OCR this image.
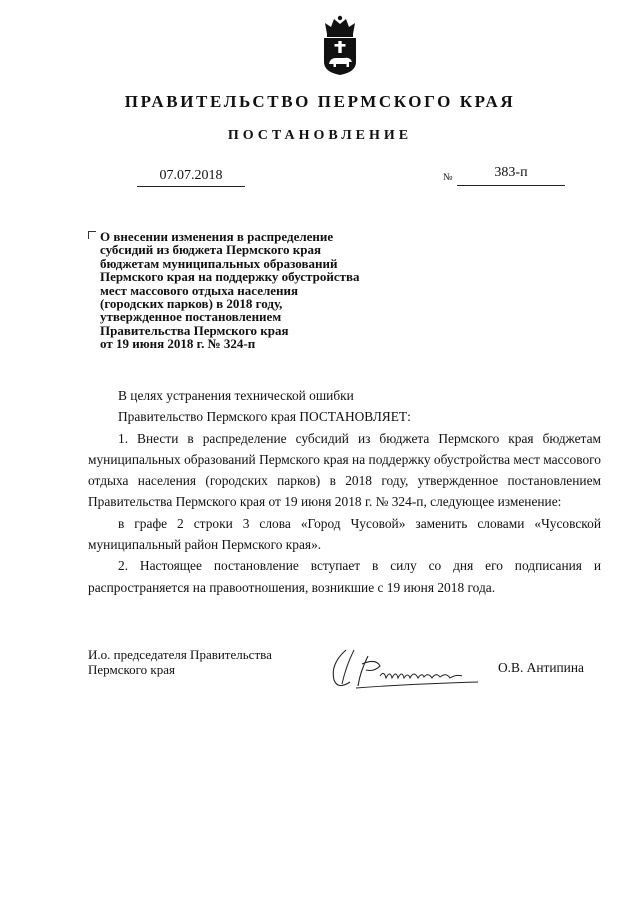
ПРАВИТЕЛЬСТВО ПЕРМСКОГО КРАЯ
ПОСТАНОВЛЕНИЕ
07.07.2018	№	383-п
О внесении изменения в распределение
субсидий из бюджета Пермского края
бюджетам муниципальных образований
Пермского края на поддержку обустройства
мест массового отдыха населения
(городских парков) в 2018 году,
утвержденное постановлением
Правительства Пермского края
от 19 июня 2018 г. № 324-п

В целях устранения технической ошибки

Правительство Пермского края ПОСТАНОВЛЯЕТ:

1. Внести в распределение субсидий из бюджета Пермского края бюджетам муниципальных образований Пермского края на поддержку обустройства мест массового отдыха населения (городских парков) в 2018 году, утвержденное постановлением Правительства Пермского края от 19 июня 2018 г. № 324-п, следующее изменение:

в графе 2 строки 3 слова «Город Чусовой» заменить словами «Чусовской муниципальный район Пермского края».

2. Настоящее постановление вступает в силу со дня его подписания и распространяется на правоотношения, возникшие с 19 июня 2018 года.

И.о. председателя Правительства
Пермского края	О.В. Антипина
